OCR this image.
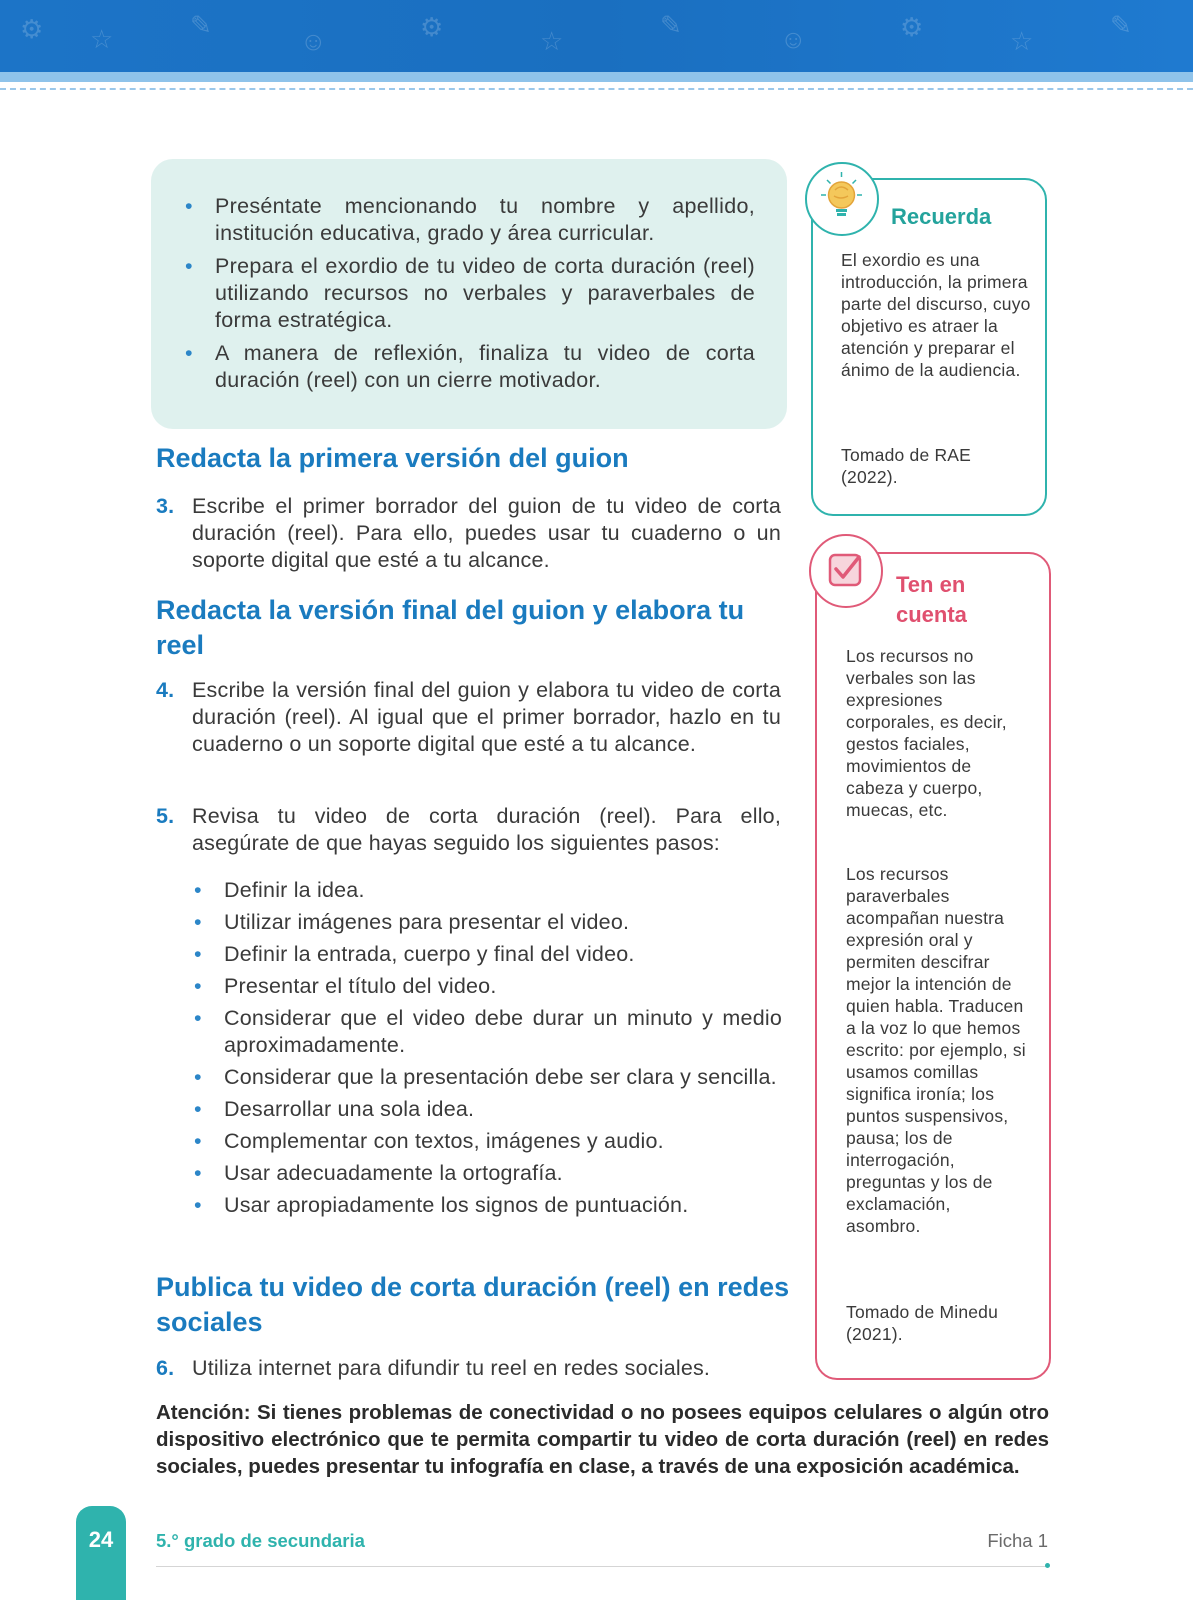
⚙ ☆	✎
☺	⚙	☆
✎	☺	⚙	☆
✎
• Preséntate mencionando tu nombre y apellido, institución educativa, grado y área curricular.
• Prepara el exordio de tu video de corta duración (reel) utilizando recursos no verbales y paraverbales de forma estratégica.
• A manera de reflexión, finaliza tu video de corta duración (reel) con un cierre motivador.
Redacta la primera versión del guion
3. Escribe el primer borrador del guion de tu video de corta duración (reel). Para ello, puedes usar tu cuaderno o un soporte digital que esté a tu alcance.
Redacta la versión final del guion y elabora tu reel
4. Escribe la versión final del guion y elabora tu video de corta duración (reel). Al igual que el primer borrador, hazlo en tu cuaderno o un soporte digital que esté a tu alcance.
5. Revisa tu video de corta duración (reel). Para ello, asegúrate de que hayas seguido los siguientes pasos:
• Definir la idea.
• Utilizar imágenes para presentar el video.
• Definir la entrada, cuerpo y final del video.
• Presentar el título del video.
• Considerar que el video debe durar un minuto y medio aproximadamente.
• Considerar que la presentación debe ser clara y sencilla.
• Desarrollar una sola idea.
• Complementar con textos, imágenes y audio.
• Usar adecuadamente la ortografía.
• Usar apropiadamente los signos de puntuación.
Publica tu video de corta duración (reel) en redes sociales
6. Utiliza internet para difundir tu reel en redes sociales.
Atención: Si tienes problemas de conectividad o no posees equipos celulares o algún otro dispositivo electrónico que te permita compartir tu video de corta duración (reel) en redes sociales, puedes presentar tu infografía en clase, a través de una exposición académica.
Recuerda
El exordio es una introducción, la primera parte del discurso, cuyo objetivo es atraer la atención y preparar el ánimo de la audiencia.
Tomado de RAE (2022).
Ten en cuenta
Los recursos no verbales son las expresiones corporales, es decir, gestos faciales, movimientos de cabeza y cuerpo, muecas, etc.
Los recursos paraverbales acompañan nuestra expresión oral y permiten descifrar mejor la intención de quien habla. Traducen a la voz lo que hemos escrito: por ejemplo, si usamos comillas significa ironía; los puntos suspensivos, pausa; los de interrogación, preguntas y los de exclamación, asombro.
Tomado de Minedu (2021).
24	5.° grado de secundaria	Ficha 1
